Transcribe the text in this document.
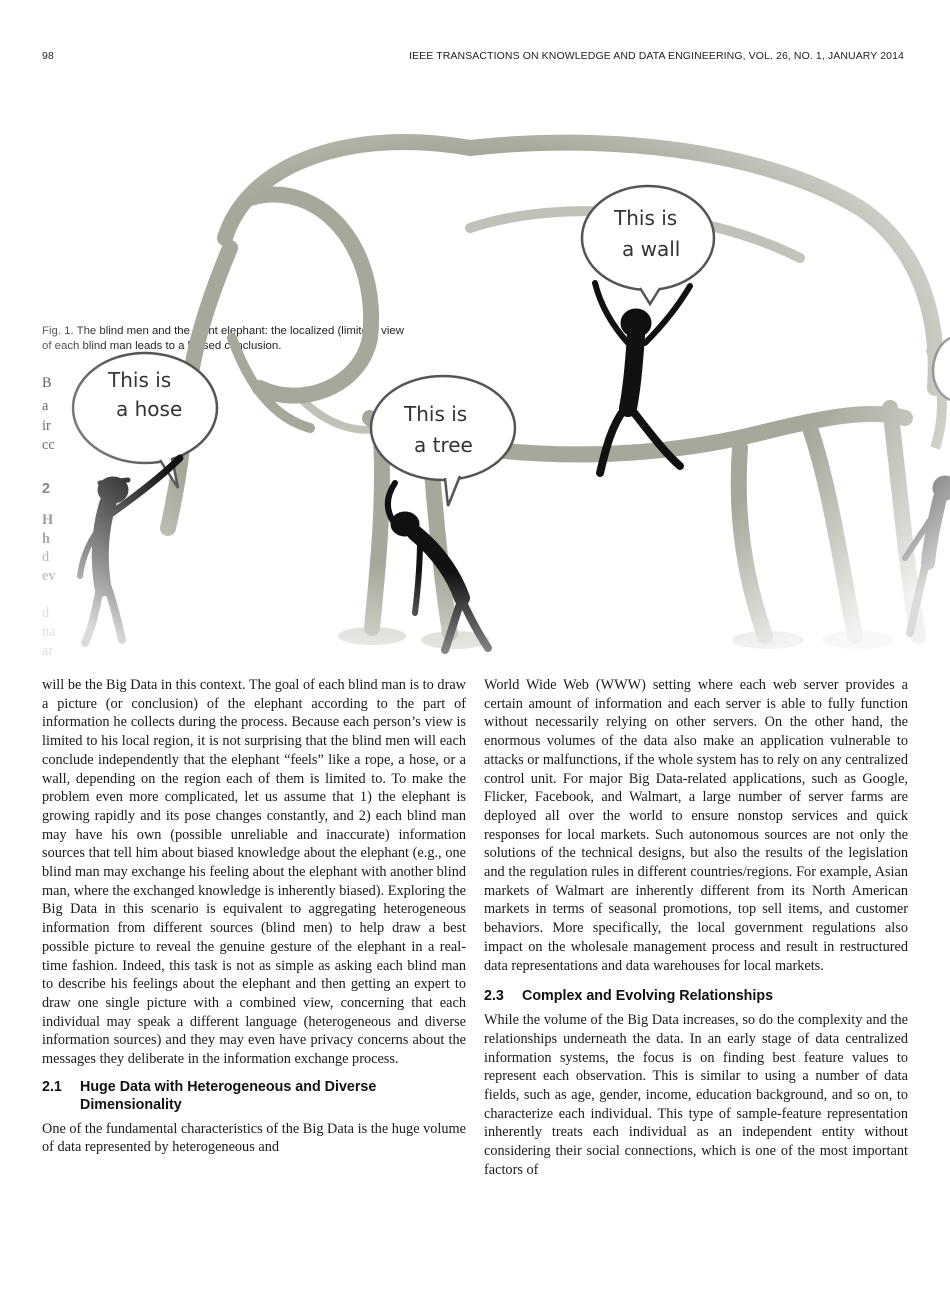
98	IEEE TRANSACTIONS ON KNOWLEDGE AND DATA ENGINEERING, VOL. 26, NO. 1, JANUARY 2014

will be the Big Data in this context. The goal of each blind man is to draw a picture (or conclusion) of the elephant according to the part of information he collects during the process. Because each person’s view is limited to his local region, it is not surprising that the blind men will each conclude independently that the elephant “feels” like a rope, a hose, or a wall, depending on the region each of them is limited to. To make the problem even more complicated, let us assume that 1) the elephant is growing rapidly and its pose changes constantly, and 2) each blind man may have his own (possible unreliable and inaccurate) information sources that tell him about biased knowledge about the elephant (e.g., one blind man may exchange his feeling about the elephant with another blind man, where the exchanged knowledge is inherently biased). Exploring the Big Data in this scenario is equivalent to aggregating heterogeneous information from different sources (blind men) to help draw a best possible picture to reveal the genuine gesture of the elephant in a real-time fashion. Indeed, this task is not as simple as asking each blind man to describe his feelings about the elephant and then getting an expert to draw one single picture with a combined view, concerning that each individual may speak a different language (heterogeneous and diverse information sources) and they may even have privacy concerns about the messages they deliberate in the information exchange process.

2.1 Huge Data with Heterogeneous and Diverse
Dimensionality

One of the fundamental characteristics of the Big Data is the huge volume of data represented by heterogeneous and

World Wide Web (WWW) setting where each web server provides a certain amount of information and each server is able to fully function without necessarily relying on other servers. On the other hand, the enormous volumes of the data also make an application vulnerable to attacks or malfunctions, if the whole system has to rely on any centralized control unit. For major Big Data-related applications, such as Google, Flicker, Facebook, and Walmart, a large number of server farms are deployed all over the world to ensure nonstop services and quick responses for local markets. Such autonomous sources are not only the solutions of the technical designs, but also the results of the legislation and the regulation rules in different countries/regions. For example, Asian markets of Walmart are inherently different from its North American markets in terms of seasonal promotions, top sell items, and customer behaviors. More specifically, the local government regulations also impact on the wholesale management process and result in restructured data representations and data warehouses for local markets.

2.3 Complex and Evolving Relationships

While the volume of the Big Data increases, so do the complexity and the relationships underneath the data. In an early stage of data centralized information systems, the focus is on finding best feature values to represent each observation. This is similar to using a number of data fields, such as age, gender, income, education background, and so on, to characterize each individual. This type of sample-feature representation inherently treats each individual as an independent entity without considering their social connections, which is one of the most important factors of
